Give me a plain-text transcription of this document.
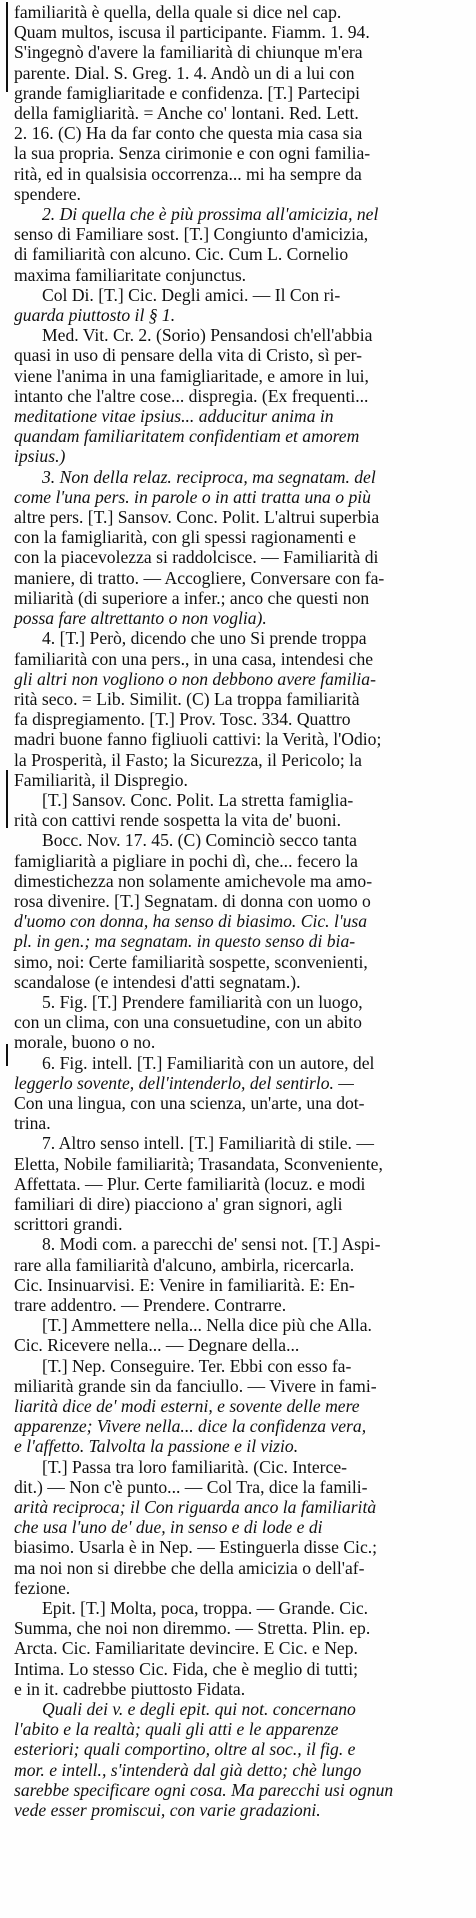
familiarità è quella, della quale si dice nel cap.

Quam multos, iscusa il participante. Fiamm. 1. 94.

S'ingegnò d'avere la familiarità di chiunque m'era

parente. Dial. S. Greg. 1. 4. Andò un di a lui con

grande famigliaritade e confidenza. [T.] Partecipi

della famigliarità. = Anche co' lontani. Red. Lett.

2. 16. (C) Ha da far conto che questa mia casa sia

la sua propria. Senza cirimonie e con ogni familia-

rità, ed in qualsisia occorrenza... mi ha sempre da

spendere.

2. Di quella che è più prossima all'amicizia, nel

senso di Familiare sost. [T.] Congiunto d'amicizia,

di familiarità con alcuno. Cic. Cum L. Cornelio

maxima familiaritate conjunctus.

Col Di. [T.] Cic. Degli amici. — Il Con ri-

guarda piuttosto il § 1.

Med. Vit. Cr. 2. (Sorio) Pensandosi ch'ell'abbia

quasi in uso di pensare della vita di Cristo, sì per-

viene l'anima in una famigliaritade, e amore in lui,

intanto che l'altre cose... dispregia. (Ex frequenti...

meditatione vitae ipsius... adducitur anima in

quandam familiaritatem confidentiam et amorem

ipsius.)

3. Non della relaz. reciproca, ma segnatam. del

come l'una pers. in parole o in atti tratta una o più

altre pers. [T.] Sansov. Conc. Polit. L'altrui superbia

con la famigliarità, con gli spessi ragionamenti e

con la piacevolezza si raddolcisce. — Familiarità di

maniere, di tratto. — Accogliere, Conversare con fa-

miliarità (di superiore a infer.; anco che questi non

possa fare altrettanto o non voglia).

4. [T.] Però, dicendo che uno Si prende troppa

familiarità con una pers., in una casa, intendesi che

gli altri non vogliono o non debbono avere familia-

rità seco. = Lib. Similit. (C) La troppa familiarità

fa dispregiamento. [T.] Prov. Tosc. 334. Quattro

madri buone fanno figliuoli cattivi: la Verità, l'Odio;

la Prosperità, il Fasto; la Sicurezza, il Pericolo; la

Familiarità, il Dispregio.

[T.] Sansov. Conc. Polit. La stretta famiglia-

rità con cattivi rende sospetta la vita de' buoni.

Bocc. Nov. 17. 45. (C) Cominciò secco tanta

famigliarità a pigliare in pochi dì, che... fecero la

dimestichezza non solamente amichevole ma amo-

rosa divenire. [T.] Segnatam. di donna con uomo o

d'uomo con donna, ha senso di biasimo. Cic. l'usa

pl. in gen.; ma segnatam. in questo senso di bia-

simo, noi: Certe familiarità sospette, sconvenienti,

scandalose (e intendesi d'atti segnatam.).

5. Fig. [T.] Prendere familiarità con un luogo,

con un clima, con una consuetudine, con un abito

morale, buono o no.

6. Fig. intell. [T.] Familiarità con un autore, del

leggerlo sovente, dell'intenderlo, del sentirlo. —

Con una lingua, con una scienza, un'arte, una dot-

trina.

7. Altro senso intell. [T.] Familiarità di stile. —

Eletta, Nobile familiarità; Trasandata, Sconveniente,

Affettata. — Plur. Certe familiarità (locuz. e modi

familiari di dire) piacciono a' gran signori, agli

scrittori grandi.

8. Modi com. a parecchi de' sensi not. [T.] Aspi-

rare alla familiarità d'alcuno, ambirla, ricercarla.

Cic. Insinuarvisi. E: Venire in familiarità. E: En-

trare addentro. — Prendere. Contrarre.

[T.] Ammettere nella... Nella dice più che Alla.

Cic. Ricevere nella... — Degnare della...

[T.] Nep. Conseguire. Ter. Ebbi con esso fa-

miliarità grande sin da fanciullo. — Vivere in fami-

liarità dice de' modi esterni, e sovente delle mere

apparenze; Vivere nella... dice la confidenza vera,

e l'affetto. Talvolta la passione e il vizio.

[T.] Passa tra loro familiarità. (Cic. Interce-

dit.) — Non c'è punto... — Col Tra, dice la famili-

arità reciproca; il Con riguarda anco la familiarità

che usa l'uno de' due, in senso e di lode e di

biasimo. Usarla è in Nep. — Estinguerla disse Cic.;

ma noi non si direbbe che della amicizia o dell'af-

fezione.

Epit. [T.] Molta, poca, troppa. — Grande. Cic.

Summa, che noi non diremmo. — Stretta. Plin. ep.

Arcta. Cic. Familiaritate devincire. E Cic. e Nep.

Intima. Lo stesso Cic. Fida, che è meglio di tutti;

e in it. cadrebbe piuttosto Fidata.

Quali dei v. e degli epit. qui not. concernano

l'abito e la realtà; quali gli atti e le apparenze

esteriori; quali comportino, oltre al soc., il fig. e

mor. e intell., s'intenderà dal già detto; chè lungo

sarebbe specificare ogni cosa. Ma parecchi usi ognun

vede esser promiscui, con varie gradazioni.
